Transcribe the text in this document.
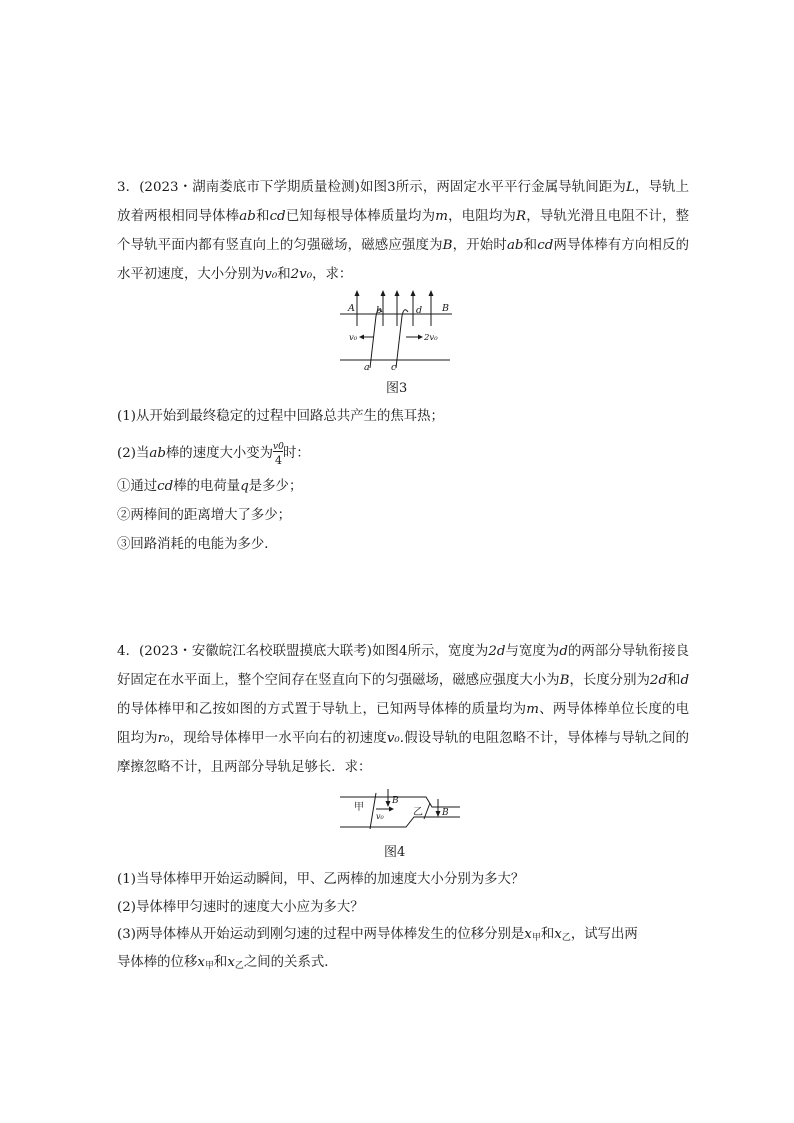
3．(2023・湖南娄底市下学期质量检测)如图3所示，两固定水平平行金属导轨间距为L，导轨上放着两根相同导体棒ab和cd已知每根导体棒质量均为m，电阻均为R，导轨光滑且电阻不计，整个导轨平面内都有竖直向上的匀强磁场，磁感应强度为B，开始时ab和cd两导体棒有方向相反的水平初速度，大小分别为v₀和2v₀，求：

A	B
b	d
a c
v₀	2v₀
图3

(1)从开始到最终稳定的过程中回路总共产生的焦耳热；

(2)当ab棒的速度大小变为 v0
4 时：

①通过cd棒的电荷量q是多少；

②两棒间的距离增大了多少；

③回路消耗的电能为多少．

4．(2023・安徽皖江名校联盟摸底大联考)如图4所示，宽度为2d与宽度为d的两部分导轨衔接良好固定在水平面上，整个空间存在竖直向下的匀强磁场，磁感应强度大小为B，长度分别为2d和d的导体棒甲和乙按如图的方式置于导轨上，已知两导体棒的质量均为m、两导体棒单位长度的电阻均为r₀，现给导体棒甲一水平向右的初速度v₀.假设导轨的电阻忽略不计，导体棒与导轨之间的摩擦忽略不计，且两部分导轨足够长．求：

甲	乙
B
B
v₀
图4

(1)当导体棒甲开始运动瞬间，甲、乙两棒的加速度大小分别为多大？

(2)导体棒甲匀速时的速度大小应为多大？

(3)两导体棒从开始运动到刚匀速的过程中两导体棒发生的位移分别是$x_甲$和$x_乙$，试写出两

导体棒的位移$x_甲$和$x_乙$之间的关系式．
